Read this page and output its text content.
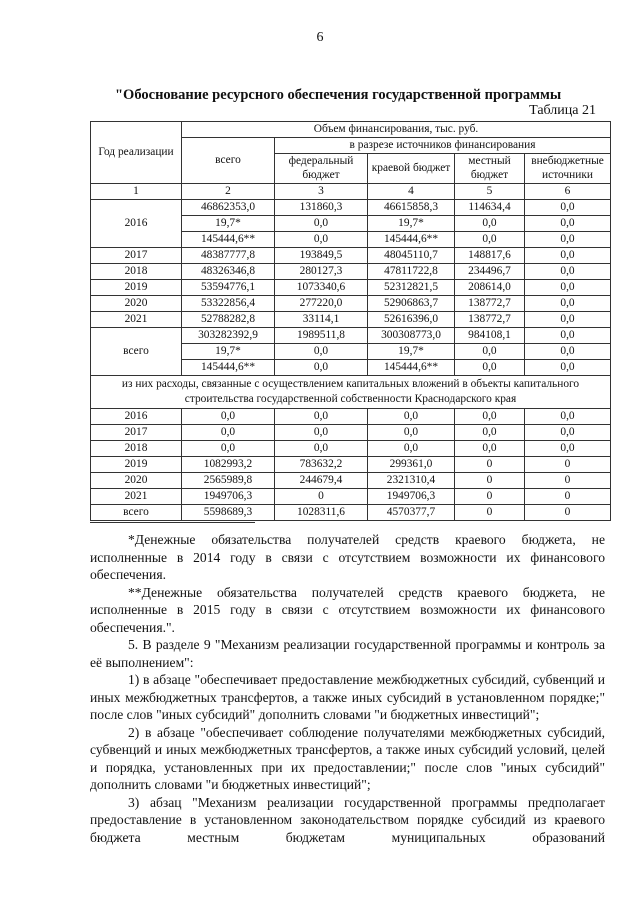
6
"Обоснование ресурсного обеспечения государственной программы
Таблица 21
Год реализации	Объем финансирования, тыс. руб.				
	всего	в разрезе источников финансирования			
		федеральный бюджет	краевой бюджет	местный бюджет	внебюджетные источники
1	2	3	4	5	6
2016	46862353,0	131860,3	46615858,3	114634,4	0,0
	19,7*	0,0	19,7*	0,0	0,0
	145444,6**	0,0	145444,6**	0,0	0,0
2017	48387777,8	193849,5	48045110,7	148817,6	0,0
2018	48326346,8	280127,3	47811722,8	234496,7	0,0
2019	53594776,1	1073340,6	52312821,5	208614,0	0,0
2020	53322856,4	277220,0	52906863,7	138772,7	0,0
2021	52788282,8	33114,1	52616396,0	138772,7	0,0
всего	303282392,9	1989511,8	300308773,0	984108,1	0,0
	19,7*	0,0	19,7*	0,0	0,0
	145444,6**	0,0	145444,6**	0,0	0,0
из них расходы, связанные с осуществлением капитальных вложений в объекты капитального строительства государственной собственности Краснодарского края					
2016	0,0	0,0	0,0	0,0	0,0
2017	0,0	0,0	0,0	0,0	0,0
2018	0,0	0,0	0,0	0,0	0,0
2019	1082993,2	783632,2	299361,0	0	0
2020	2565989,8	244679,4	2321310,4	0	0
2021	1949706,3	0	1949706,3	0	0
всего	5598689,3	1028311,6	4570377,7	0	0

*Денежные обязательства получателей средств краевого бюджета, не исполненные в 2014 году в связи с отсутствием возможности их финансового обеспечения.

**Денежные обязательства получателей средств краевого бюджета, не исполненные в 2015 году в связи с отсутствием возможности их финансового обеспечения.".

5. В разделе 9 "Механизм реализации государственной программы и контроль за её выполнением":

1) в абзаце "обеспечивает предоставление межбюджетных субсидий, субвенций и иных межбюджетных трансфертов, а также иных субсидий в установленном порядке;" после слов "иных субсидий" дополнить словами "и бюджетных инвестиций";

2) в абзаце "обеспечивает соблюдение получателями межбюджетных субсидий, субвенций и иных межбюджетных трансфертов, а также иных субсидий условий, целей и порядка, установленных при их предоставлении;" после слов "иных субсидий" дополнить словами "и бюджетных инвестиций";

3) абзац "Механизм реализации государственной программы предполагает предоставление в установленном законодательством порядке субсидий из краевого бюджета местным бюджетам муниципальных образований
